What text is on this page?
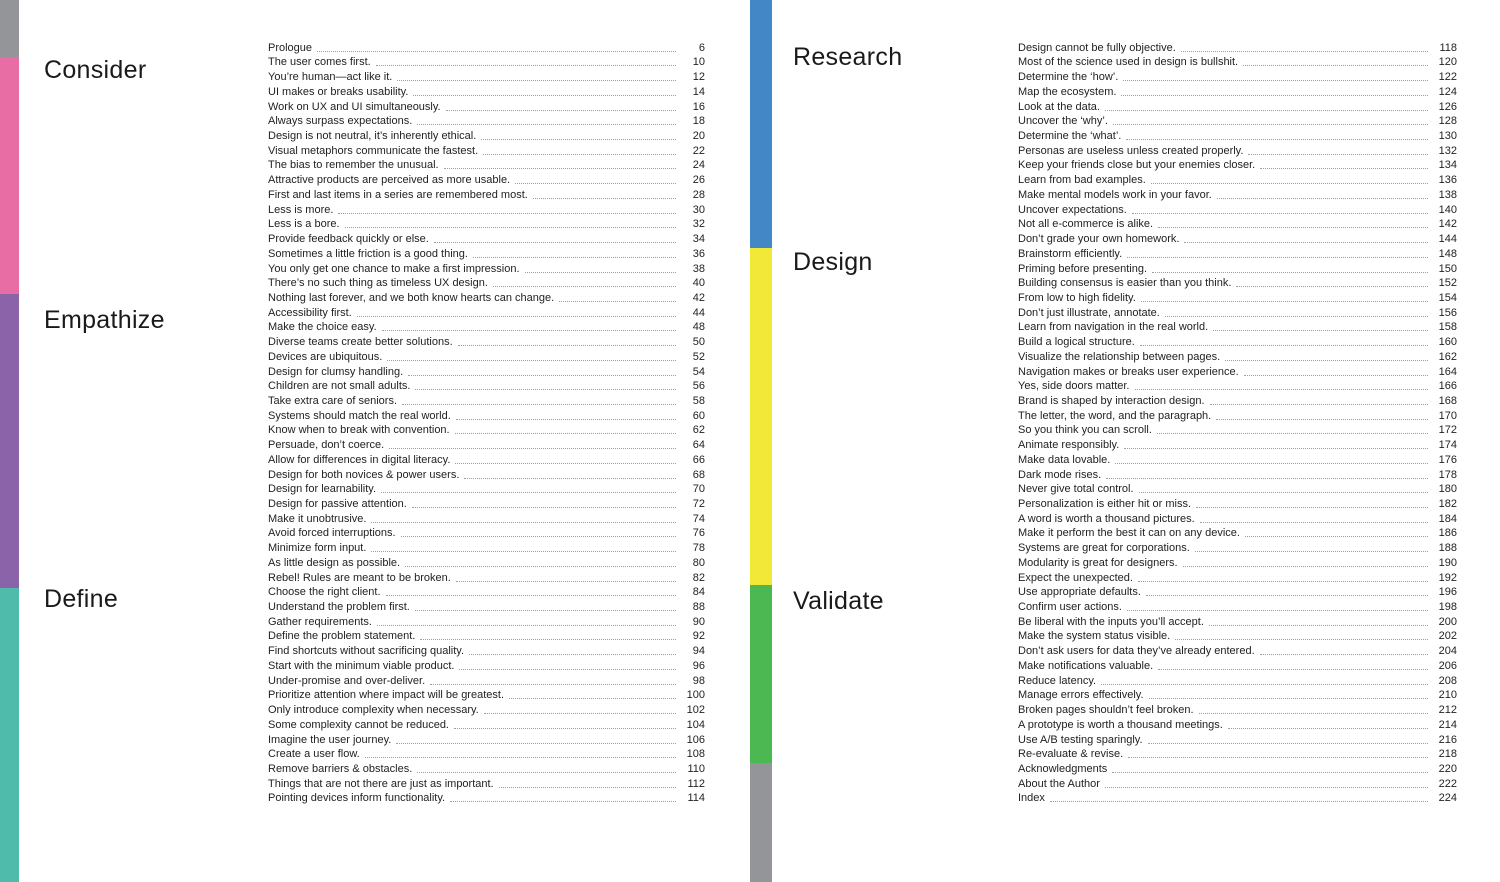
Consider
Empathize
Define
Research
Design
Validate
Prologue	6
The user comes first.	10
You’re human—act like it.	12
UI makes or breaks usability.	14
Work on UX and UI simultaneously.	16
Always surpass expectations.	18
Design is not neutral, it’s inherently ethical.	20
Visual metaphors communicate the fastest.	22
The bias to remember the unusual.	24
Attractive products are perceived as more usable.	26
First and last items in a series are remembered most.	28
Less is more.	30
Less is a bore.	32
Provide feedback quickly or else.	34
Sometimes a little friction is a good thing.	36
You only get one chance to make a first impression.	38
There’s no such thing as timeless UX design.	40
Nothing last forever, and we both know hearts can change.	42
Accessibility first.	44
Make the choice easy.	48
Diverse teams create better solutions.	50
Devices are ubiquitous.	52
Design for clumsy handling.	54
Children are not small adults.	56
Take extra care of seniors.	58
Systems should match the real world.	60
Know when to break with convention.	62
Persuade, don’t coerce.	64
Allow for differences in digital literacy.	66
Design for both novices & power users.	68
Design for learnability.	70
Design for passive attention.	72
Make it unobtrusive.	74
Avoid forced interruptions.	76
Minimize form input.	78
As little design as possible.	80
Rebel! Rules are meant to be broken.	82
Choose the right client.	84
Understand the problem first.	88
Gather requirements.	90
Define the problem statement.	92
Find shortcuts without sacrificing quality.	94
Start with the minimum viable product.	96
Under-promise and over-deliver.	98
Prioritize attention where impact will be greatest.	100
Only introduce complexity when necessary.	102
Some complexity cannot be reduced.	104
Imagine the user journey.	106
Create a user flow.	108
Remove barriers & obstacles.	110
Things that are not there are just as important.	112
Pointing devices inform functionality.	114
Design cannot be fully objective.	118
Most of the science used in design is bullshit.	120
Determine the ‘how’.	122
Map the ecosystem.	124
Look at the data.	126
Uncover the ‘why’.	128
Determine the ‘what’.	130
Personas are useless unless created properly.	132
Keep your friends close but your enemies closer.	134
Learn from bad examples.	136
Make mental models work in your favor.	138
Uncover expectations.	140
Not all e-commerce is alike.	142
Don’t grade your own homework.	144
Brainstorm efficiently.	148
Priming before presenting.	150
Building consensus is easier than you think.	152
From low to high fidelity.	154
Don’t just illustrate, annotate.	156
Learn from navigation in the real world.	158
Build a logical structure.	160
Visualize the relationship between pages.	162
Navigation makes or breaks user experience.	164
Yes, side doors matter.	166
Brand is shaped by interaction design.	168
The letter, the word, and the paragraph.	170
So you think you can scroll.	172
Animate responsibly.	174
Make data lovable.	176
Dark mode rises.	178
Never give total control.	180
Personalization is either hit or miss.	182
A word is worth a thousand pictures.	184
Make it perform the best it can on any device.	186
Systems are great for corporations.	188
Modularity is great for designers.	190
Expect the unexpected.	192
Use appropriate defaults.	196
Confirm user actions.	198
Be liberal with the inputs you’ll accept.	200
Make the system status visible.	202
Don’t ask users for data they’ve already entered.	204
Make notifications valuable.	206
Reduce latency.	208
Manage errors effectively.	210
Broken pages shouldn’t feel broken.	212
A prototype is worth a thousand meetings.	214
Use A/B testing sparingly.	216
Re-evaluate & revise.	218
Acknowledgments	220
About the Author	222
Index	224
